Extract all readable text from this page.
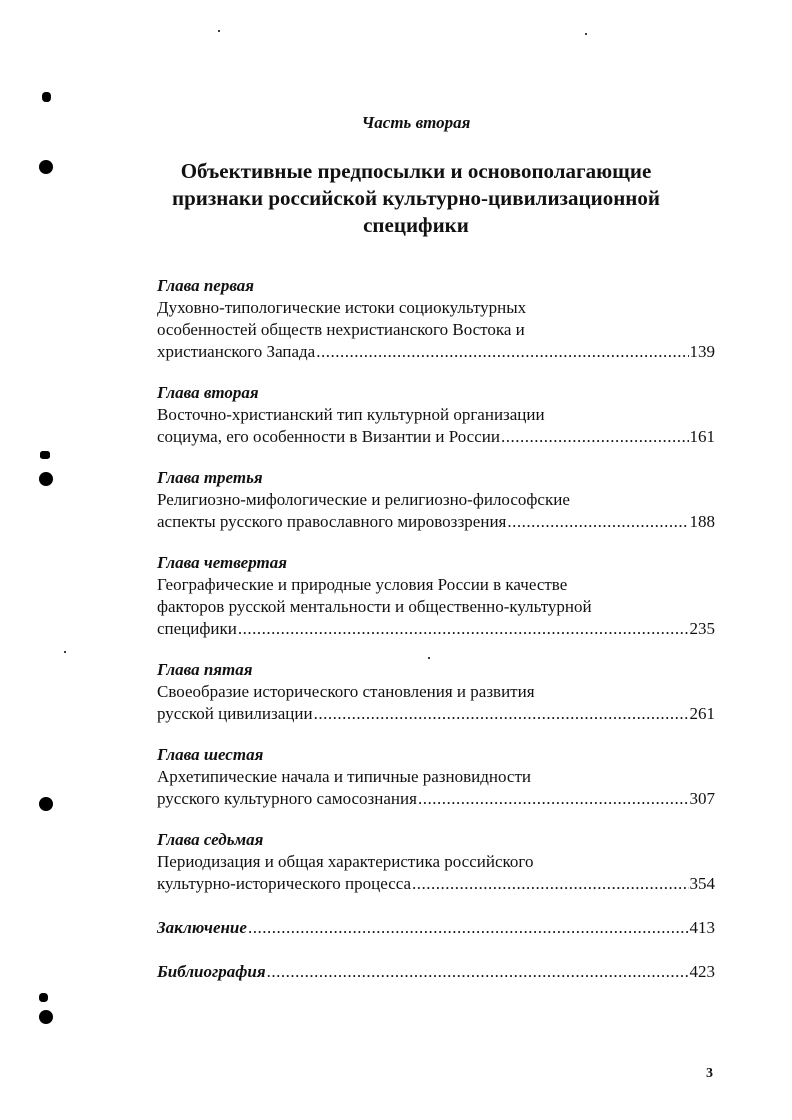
Часть вторая
Объективные предпосылки и основополагающие
признаки российской культурно-цивилизационной
специфики
Глава первая
Духовно-типологические истоки социокультурных
особенностей обществ нехристианского Востока и
христианского Запада .....	139
Глава вторая
Восточно-христианский тип культурной организации
социума, его особенности в Византии и России .....	161
Глава третья
Религиозно-мифологические и религиозно-философские
аспекты русского православного мировоззрения .....	188
Глава четвертая
Географические и природные условия России в качестве
факторов русской ментальности и общественно-культурной
специфики .....	235
Глава пятая
Своеобразие исторического становления и развития
русской цивилизации .....	261
Глава шестая
Архетипические начала и типичные разновидности
русского культурного самосознания .....	307
Глава седьмая
Периодизация и общая характеристика российского
культурно-исторического процесса .....	354
Заключение .....	413
Библиография .....	423
3
